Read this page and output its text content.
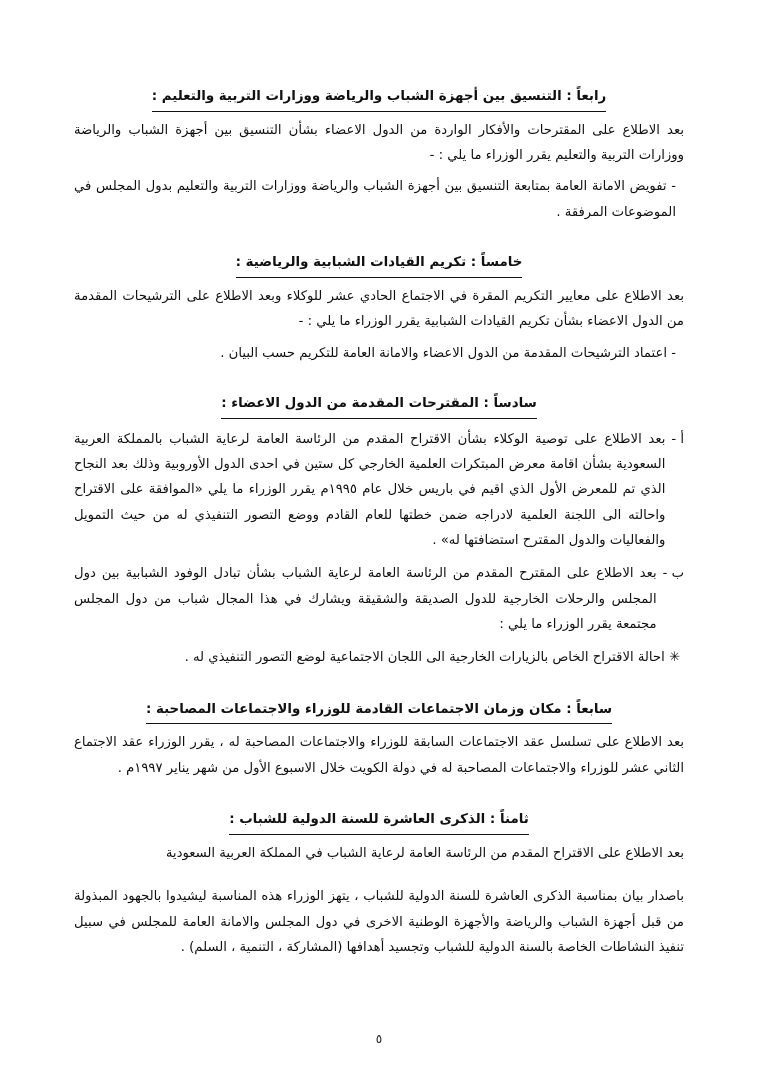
رابعاً : التنسيق بين أجهزة الشباب والرياضة ووزارات التربية والتعليم :
بعد الاطلاع على المقترحات والأفكار الواردة من الدول الاعضاء بشأن التنسيق بين أجهزة الشباب والرياضة ووزارات التربية والتعليم يقرر الوزراء ما يلي : -
- تفويض الامانة العامة بمتابعة التنسيق بين أجهزة الشباب والرياضة ووزارات التربية والتعليم بدول المجلس في الموضوعات المرفقة .
خامساً : تكريم القيادات الشبابية والرياضية :
بعد الاطلاع على معايير التكريم المقرة في الاجتماع الحادي عشر للوكلاء وبعد الاطلاع على الترشيحات المقدمة من الدول الاعضاء بشأن تكريم القيادات الشبابية يقرر الوزراء ما يلي : -
- اعتماد الترشيحات المقدمة من الدول الاعضاء والامانة العامة للتكريم حسب البيان .
سادساً : المقترحات المقدمة من الدول الاعضاء :
أ -
بعد الاطلاع على توصية الوكلاء بشأن الاقتراح المقدم من الرئاسة العامة لرعاية الشباب بالمملكة العربية السعودية بشأن اقامة معرض المبتكرات العلمية الخارجي كل ستين في احدى الدول الأوروبية وذلك بعد النجاح الذي تم للمعرض الأول الذي اقيم في باريس خلال عام ١٩٩٥م يقرر الوزراء ما يلي «الموافقة على الاقتراح واحالته الى اللجنة العلمية لادراجه ضمن خطتها للعام القادم ووضع التصور التنفيذي له من حيث التمويل والفعاليات والدول المقترح استضافتها له» .
ب -
بعد الاطلاع على المقترح المقدم من الرئاسة العامة لرعاية الشباب بشأن تبادل الوفود الشبابية بين دول المجلس والرحلات الخارجية للدول الصديقة والشقيقة ويشارك في هذا المجال شباب من دول المجلس مجتمعة يقرر الوزراء ما يلي :
✳ احالة الاقتراح الخاص بالزيارات الخارجية الى اللجان الاجتماعية لوضع التصور التنفيذي له .
سابعاً : مكان وزمان الاجتماعات القادمة للوزراء والاجتماعات المصاحبة :
بعد الاطلاع على تسلسل عقد الاجتماعات السابقة للوزراء والاجتماعات المصاحبة له ، يقرر الوزراء عقد الاجتماع الثاني عشر للوزراء والاجتماعات المصاحبة له في دولة الكويت خلال الاسبوع الأول من شهر يناير ١٩٩٧م .
ثامناً : الذكرى العاشرة للسنة الدولية للشباب :
بعد الاطلاع على الاقتراح المقدم من الرئاسة العامة لرعاية الشباب في المملكة العربية السعودية
باصدار بيان بمناسبة الذكرى العاشرة للسنة الدولية للشباب ، يتهز الوزراء هذه المناسبة ليشيدوا بالجهود المبذولة من قبل أجهزة الشباب والرياضة والأجهزة الوطنية الاخرى في دول المجلس والامانة العامة للمجلس في سبيل تنفيذ النشاطات الخاصة بالسنة الدولية للشباب وتجسيد أهدافها (المشاركة ، التنمية ، السلم) .
٥
